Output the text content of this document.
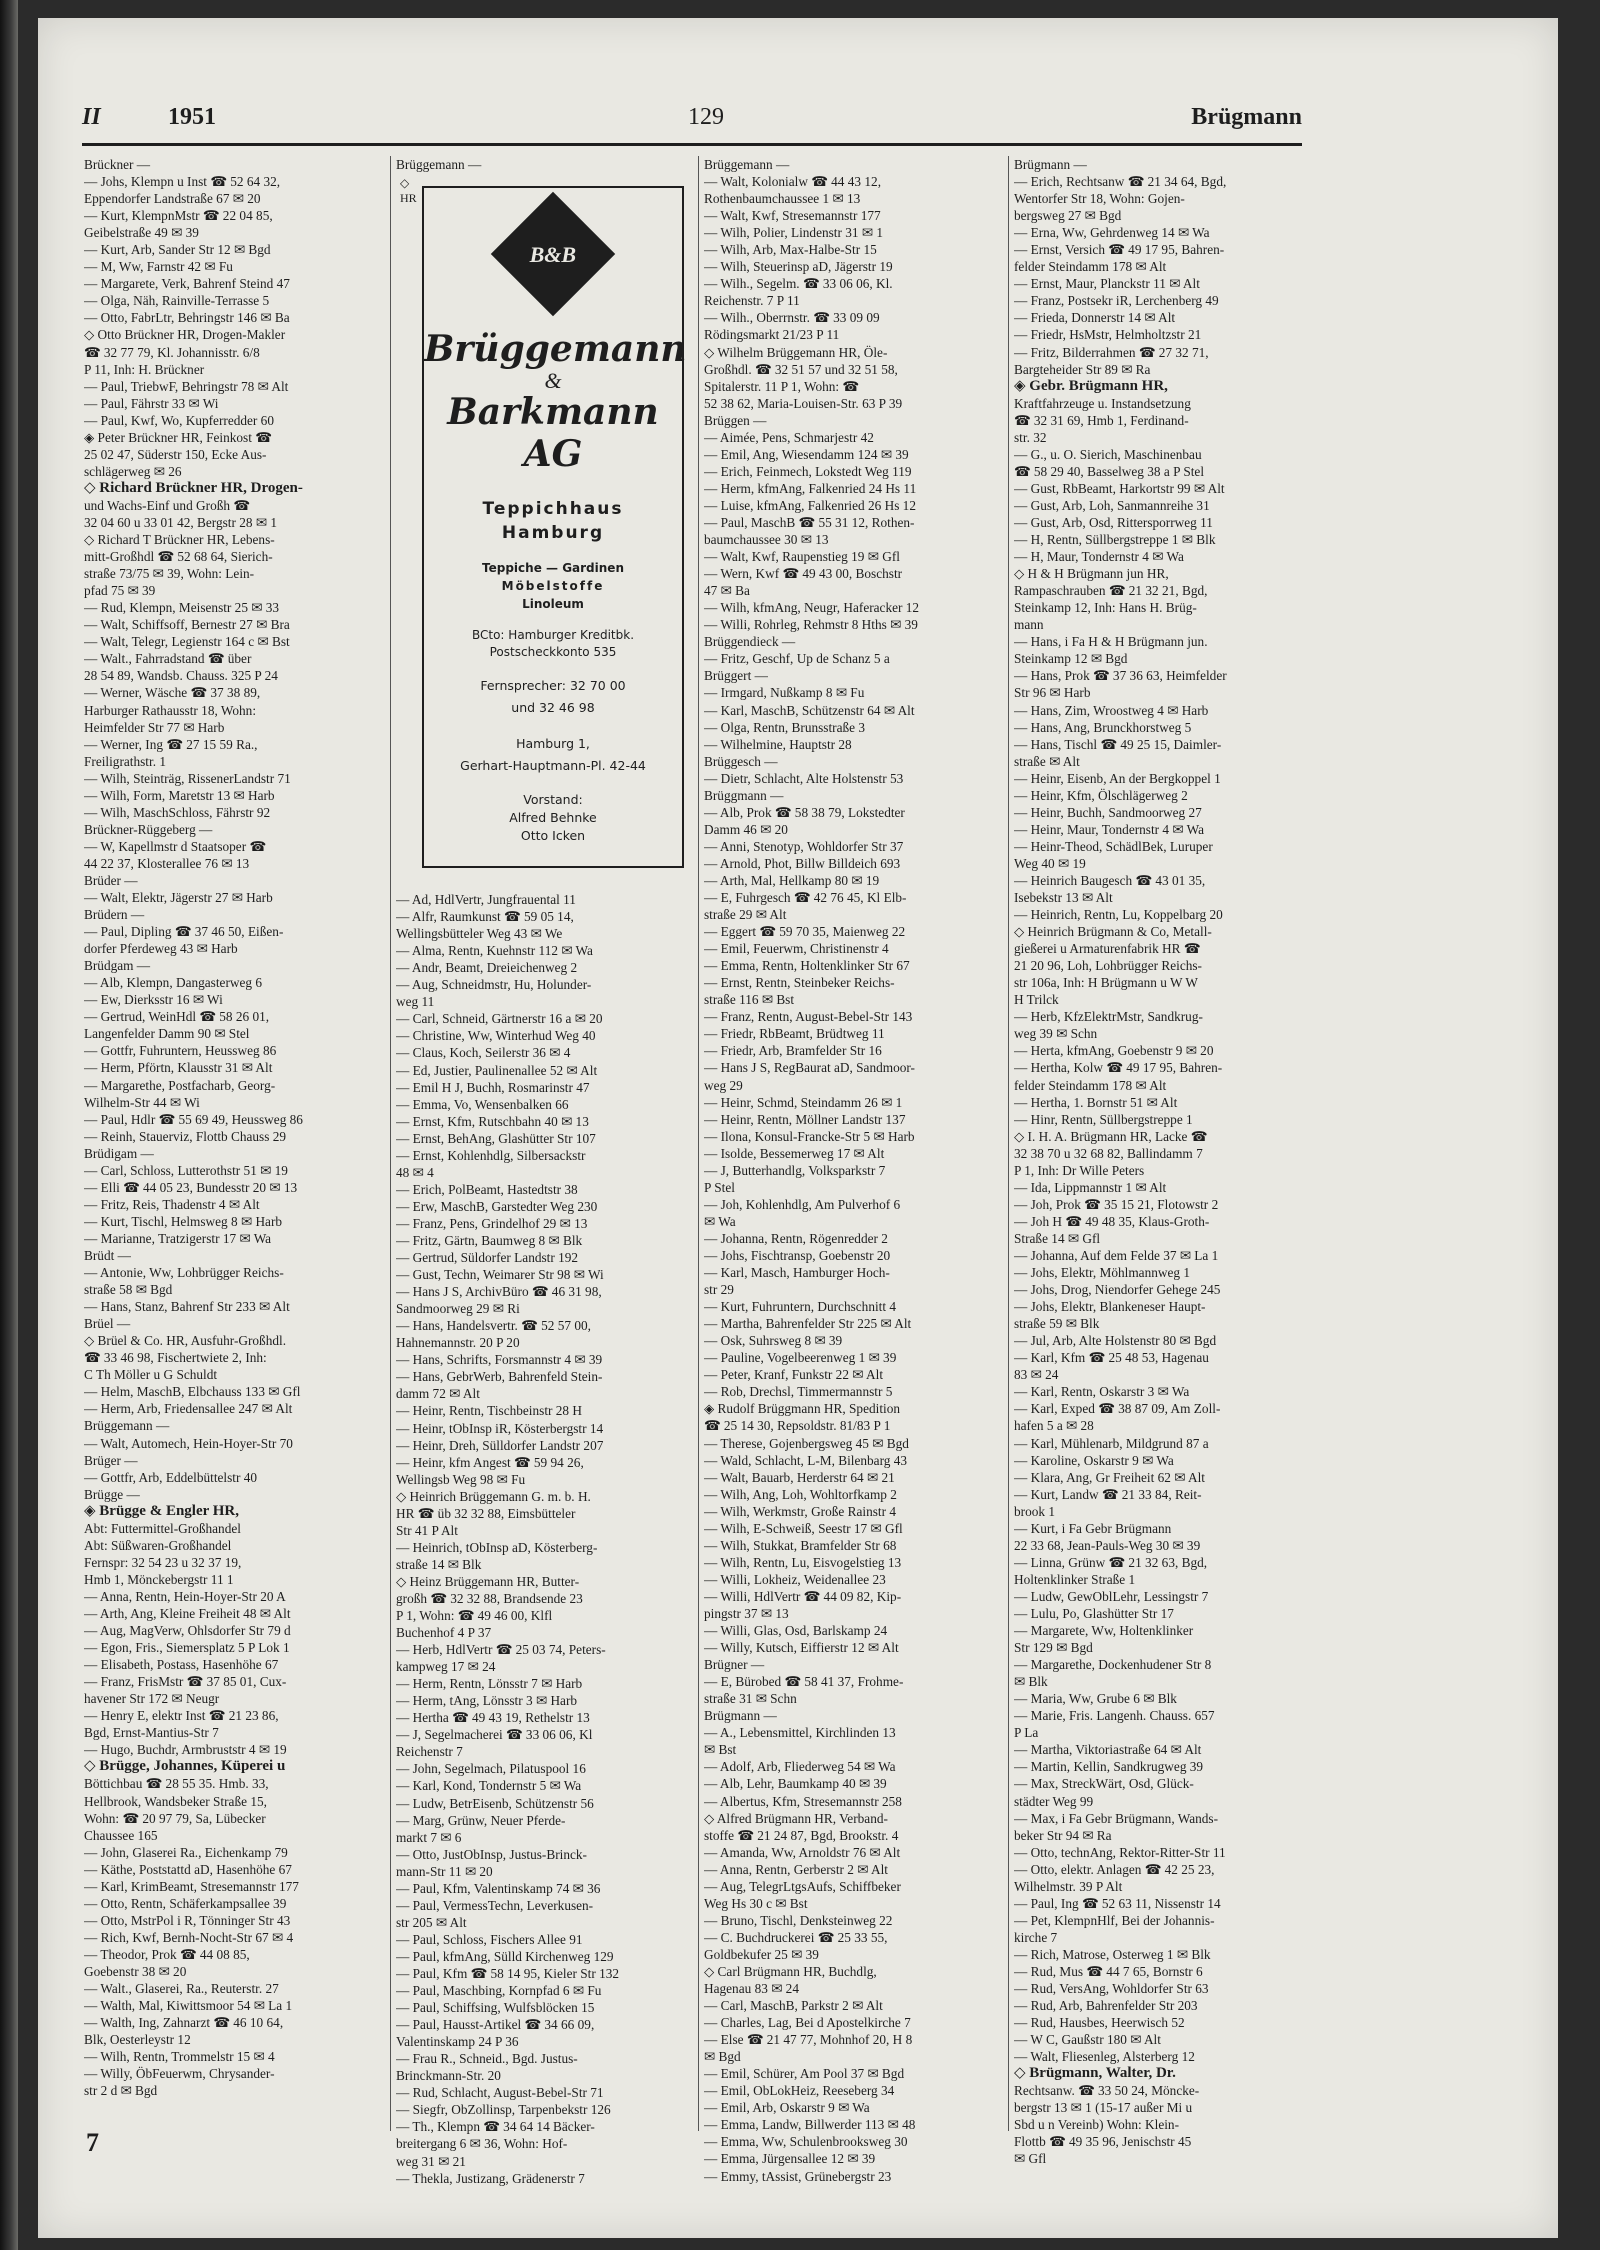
II	1951	129	Brügmann
Brückner —
— Johs, Klempn u Inst ☎ 52 64 32,
Eppendorfer Landstraße 67 ✉ 20
— Kurt, KlempnMstr ☎ 22 04 85,
Geibelstraße 49 ✉ 39
— Kurt, Arb, Sander Str 12 ✉ Bgd
— M, Ww, Farnstr 42 ✉ Fu
— Margarete, Verk, Bahrenf Steind 47
— Olga, Näh, Rainville-Terrasse 5
— Otto, FabrLtr, Behringstr 146 ✉ Ba
◇ Otto Brückner HR, Drogen-Makler
☎ 32 77 79, Kl. Johannisstr. 6/8
P 11, Inh: H. Brückner
— Paul, TriebwF, Behringstr 78 ✉ Alt
— Paul, Fährstr 33 ✉ Wi
— Paul, Kwf, Wo, Kupferredder 60
◈ Peter Brückner HR, Feinkost ☎
25 02 47, Süderstr 150, Ecke Aus-
schlägerweg ✉ 26
◇ Richard Brückner HR, Drogen-
und Wachs-Einf und Großh ☎
32 04 60 u 33 01 42, Bergstr 28 ✉ 1
◇ Richard T Brückner HR, Lebens-
mitt-Großhdl ☎ 52 68 64, Sierich-
straße 73/75 ✉ 39, Wohn: Lein-
pfad 75 ✉ 39
— Rud, Klempn, Meisenstr 25 ✉ 33
— Walt, Schiffsoff, Bernestr 27 ✉ Bra
— Walt, Telegr, Legienstr 164 c ✉ Bst
— Walt., Fahrradstand ☎ über
28 54 89, Wandsb. Chauss. 325 P 24
— Werner, Wäsche ☎ 37 38 89,
Harburger Rathausstr 18, Wohn:
Heimfelder Str 77 ✉ Harb
— Werner, Ing ☎ 27 15 59 Ra.,
Freiligrathstr. 1
— Wilh, Steinträg, RissenerLandstr 71
— Wilh, Form, Maretstr 13 ✉ Harb
— Wilh, MaschSchloss, Fährstr 92
Brückner-Rüggeberg —
— W, Kapellmstr d Staatsoper ☎
44 22 37, Klosterallee 76 ✉ 13
Brüder —
— Walt, Elektr, Jägerstr 27 ✉ Harb
Brüdern —
— Paul, Dipling ☎ 37 46 50, Eißen-
dorfer Pferdeweg 43 ✉ Harb
Brüdgam —
— Alb, Klempn, Dangasterweg 6
— Ew, Dierksstr 16 ✉ Wi
— Gertrud, WeinHdl ☎ 58 26 01,
Langenfelder Damm 90 ✉ Stel
— Gottfr, Fuhruntern, Heussweg 86
— Herm, Pförtn, Klausstr 31 ✉ Alt
— Margarethe, Postfacharb, Georg-
Wilhelm-Str 44 ✉ Wi
— Paul, Hdlr ☎ 55 69 49, Heussweg 86
— Reinh, Stauerviz, Flottb Chauss 29
Brüdigam —
— Carl, Schloss, Lutterothstr 51 ✉ 19
— Elli ☎ 44 05 23, Bundesstr 20 ✉ 13
— Fritz, Reis, Thadenstr 4 ✉ Alt
— Kurt, Tischl, Helmsweg 8 ✉ Harb
— Marianne, Tratzigerstr 17 ✉ Wa
Brüdt —
— Antonie, Ww, Lohbrügger Reichs-
straße 58 ✉ Bgd
— Hans, Stanz, Bahrenf Str 233 ✉ Alt
Brüel —
◇ Brüel & Co. HR, Ausfuhr-Großhdl.
☎ 33 46 98, Fischertwiete 2, Inh:
C Th Möller u G Schuldt
— Helm, MaschB, Elbchauss 133 ✉ Gfl
— Herm, Arb, Friedensallee 247 ✉ Alt
Brüggemann —
— Walt, Automech, Hein-Hoyer-Str 70
Brüger —
— Gottfr, Arb, Eddelbüttelstr 40
Brügge —
◈ Brügge & Engler HR,
Abt: Futtermittel-Großhandel
Abt: Süßwaren-Großhandel
Fernspr: 32 54 23 u 32 37 19,
Hmb 1, Mönckebergstr 11 1
— Anna, Rentn, Hein-Hoyer-Str 20 A
— Arth, Ang, Kleine Freiheit 48 ✉ Alt
— Aug, MagVerw, Ohlsdorfer Str 79 d
— Egon, Fris., Siemersplatz 5 P Lok 1
— Elisabeth, Postass, Hasenhöhe 67
— Franz, FrisMstr ☎ 37 85 01, Cux-
havener Str 172 ✉ Neugr
— Henry E, elektr Inst ☎ 21 23 86,
Bgd, Ernst-Mantius-Str 7
— Hugo, Buchdr, Armbruststr 4 ✉ 19
◇ Brügge, Johannes, Küperei u
Böttichbau ☎ 28 55 35. Hmb. 33,
Hellbrook, Wandsbeker Straße 15,
Wohn: ☎ 20 97 79, Sa, Lübecker
Chaussee 165
— John, Glaserei Ra., Eichenkamp 79
— Käthe, Poststattd aD, Hasenhöhe 67
— Karl, KrimBeamt, Stresemannstr 177
— Otto, Rentn, Schäferkampsallee 39
— Otto, MstrPol i R, Tönninger Str 43
— Rich, Kwf, Bernh-Nocht-Str 67 ✉ 4
— Theodor, Prok ☎ 44 08 85,
Goebenstr 38 ✉ 20
— Walt., Glaserei, Ra., Reuterstr. 27
— Walth, Mal, Kiwittsmoor 54 ✉ La 1
— Walth, Ing, Zahnarzt ☎ 46 10 64,
Blk, Oesterleystr 12
— Wilh, Rentn, Trommelstr 15 ✉ 4
— Willy, ÖbFeuerwm, Chrysander-
str 2 d ✉ Bgd
Brüggemann —
— Ad, HdlVertr, Jungfrauental 11
— Alfr, Raumkunst ☎ 59 05 14,
Wellingsbütteler Weg 43 ✉ We
— Alma, Rentn, Kuehnstr 112 ✉ Wa
— Andr, Beamt, Dreieichenweg 2
— Aug, Schneidmstr, Hu, Holunder-
weg 11
— Carl, Schneid, Gärtnerstr 16 a ✉ 20
— Christine, Ww, Winterhud Weg 40
— Claus, Koch, Seilerstr 36 ✉ 4
— Ed, Justier, Paulinenallee 52 ✉ Alt
— Emil H J, Buchh, Rosmarinstr 47
— Emma, Vo, Wensenbalken 66
— Ernst, Kfm, Rutschbahn 40 ✉ 13
— Ernst, BehAng, Glashütter Str 107
— Ernst, Kohlenhdlg, Silbersackstr
48 ✉ 4
— Erich, PolBeamt, Hastedtstr 38
— Erw, MaschB, Garstedter Weg 230
— Franz, Pens, Grindelhof 29 ✉ 13
— Fritz, Gärtn, Baumweg 8 ✉ Blk
— Gertrud, Süldorfer Landstr 192
— Gust, Techn, Weimarer Str 98 ✉ Wi
— Hans J S, ArchivBüro ☎ 46 31 98,
Sandmoorweg 29 ✉ Ri
— Hans, Handelsvertr. ☎ 52 57 00,
Hahnemannstr. 20 P 20
— Hans, Schrifts, Forsmannstr 4 ✉ 39
— Hans, GebrWerb, Bahrenfeld Stein-
damm 72 ✉ Alt
— Heinr, Rentn, Tischbeinstr 28 H
— Heinr, tObInsp iR, Kösterbergstr 14
— Heinr, Dreh, Sülldorfer Landstr 207
— Heinr, kfm Angest ☎ 59 94 26,
Wellingsb Weg 98 ✉ Fu
◇ Heinrich Brüggemann G. m. b. H.
HR ☎ üb 32 32 88, Eimsbütteler
Str 41 P Alt
— Heinrich, tObInsp aD, Kösterberg-
straße 14 ✉ Blk
◇ Heinz Brüggemann HR, Butter-
großh ☎ 32 32 88, Brandsende 23
P 1, Wohn: ☎ 49 46 00, Klfl
Buchenhof 4 P 37
— Herb, HdlVertr ☎ 25 03 74, Peters-
kampweg 17 ✉ 24
— Herm, Rentn, Lönsstr 7 ✉ Harb
— Herm, tAng, Lönsstr 3 ✉ Harb
— Hertha ☎ 49 43 19, Rethelstr 13
— J, Segelmacherei ☎ 33 06 06, Kl
Reichenstr 7
— John, Segelmach, Pilatuspool 16
— Karl, Kond, Tondernstr 5 ✉ Wa
— Ludw, BetrEisenb, Schützenstr 56
— Marg, Grünw, Neuer Pferde-
markt 7 ✉ 6
— Otto, JustObInsp, Justus-Brinck-
mann-Str 11 ✉ 20
— Paul, Kfm, Valentinskamp 74 ✉ 36
— Paul, VermessTechn, Leverkusen-
str 205 ✉ Alt
— Paul, Schloss, Fischers Allee 91
— Paul, kfmAng, Sülld Kirchenweg 129
— Paul, Kfm ☎ 58 14 95, Kieler Str 132
— Paul, Maschbing, Kornpfad 6 ✉ Fu
— Paul, Schiffsing, Wulfsblöcken 15
— Paul, Hausst-Artikel ☎ 34 66 09,
Valentinskamp 24 P 36
— Frau R., Schneid., Bgd. Justus-
Brinckmann-Str. 20
— Rud, Schlacht, August-Bebel-Str 71
— Siegfr, ObZollinsp, Tarpenbekstr 126
— Th., Klempn ☎ 34 64 14 Bäcker-
breitergang 6 ✉ 36, Wohn: Hof-
weg 31 ✉ 21
— Thekla, Justizang, Grädenerstr 7
Brüggemann —
— Walt, Kolonialw ☎ 44 43 12,
Rothenbaumchaussee 1 ✉ 13
— Walt, Kwf, Stresemannstr 177
— Wilh, Polier, Lindenstr 31 ✉ 1
— Wilh, Arb, Max-Halbe-Str 15
— Wilh, Steuerinsp aD, Jägerstr 19
— Wilh., Segelm. ☎ 33 06 06, Kl.
Reichenstr. 7 P 11
— Wilh., Oberrnstr. ☎ 33 09 09
Rödingsmarkt 21/23 P 11
◇ Wilhelm Brüggemann HR, Öle-
Großhdl. ☎ 32 51 57 und 32 51 58,
Spitalerstr. 11 P 1, Wohn: ☎
52 38 62, Maria-Louisen-Str. 63 P 39
Brüggen —
— Aimée, Pens, Schmarjestr 42
— Emil, Ang, Wiesendamm 124 ✉ 39
— Erich, Feinmech, Lokstedt Weg 119
— Herm, kfmAng, Falkenried 24 Hs 11
— Luise, kfmAng, Falkenried 26 Hs 12
— Paul, MaschB ☎ 55 31 12, Rothen-
baumchaussee 30 ✉ 13
— Walt, Kwf, Raupenstieg 19 ✉ Gfl
— Wern, Kwf ☎ 49 43 00, Boschstr
47 ✉ Ba
— Wilh, kfmAng, Neugr, Haferacker 12
— Willi, Rohrleg, Rehmstr 8 Hths ✉ 39
Brüggendieck —
— Fritz, Geschf, Up de Schanz 5 a
Brüggert —
— Irmgard, Nußkamp 8 ✉ Fu
— Karl, MaschB, Schützenstr 64 ✉ Alt
— Olga, Rentn, Brunsstraße 3
— Wilhelmine, Hauptstr 28
Brüggesch —
— Dietr, Schlacht, Alte Holstenstr 53
Brüggmann —
— Alb, Prok ☎ 58 38 79, Lokstedter
Damm 46 ✉ 20
— Anni, Stenotyp, Wohldorfer Str 37
— Arnold, Phot, Billw Billdeich 693
— Arth, Mal, Hellkamp 80 ✉ 19
— E, Fuhrgesch ☎ 42 76 45, Kl Elb-
straße 29 ✉ Alt
— Eggert ☎ 59 70 35, Maienweg 22
— Emil, Feuerwm, Christinenstr 4
— Emma, Rentn, Holtenklinker Str 67
— Ernst, Rentn, Steinbeker Reichs-
straße 116 ✉ Bst
— Franz, Rentn, August-Bebel-Str 143
— Friedr, RbBeamt, Brüdtweg 11
— Friedr, Arb, Bramfelder Str 16
— Hans J S, RegBaurat aD, Sandmoor-
weg 29
— Heinr, Schmd, Steindamm 26 ✉ 1
— Heinr, Rentn, Möllner Landstr 137
— Ilona, Konsul-Francke-Str 5 ✉ Harb
— Isolde, Bessemerweg 17 ✉ Alt
— J, Butterhandlg, Volksparkstr 7
P Stel
— Joh, Kohlenhdlg, Am Pulverhof 6
✉ Wa
— Johanna, Rentn, Rögenredder 2
— Johs, Fischtransp, Goebenstr 20
— Karl, Masch, Hamburger Hoch-
str 29
— Kurt, Fuhruntern, Durchschnitt 4
— Martha, Bahrenfelder Str 225 ✉ Alt
— Osk, Suhrsweg 8 ✉ 39
— Pauline, Vogelbeerenweg 1 ✉ 39
— Peter, Kranf, Funkstr 22 ✉ Alt
— Rob, Drechsl, Timmermannstr 5
◈ Rudolf Brüggmann HR, Spedition
☎ 25 14 30, Repsoldstr. 81/83 P 1
— Therese, Gojenbergsweg 45 ✉ Bgd
— Wald, Schlacht, L-M, Bilenbarg 43
— Walt, Bauarb, Herderstr 64 ✉ 21
— Wilh, Ang, Loh, Wohltorfkamp 2
— Wilh, Werkmstr, Große Rainstr 4
— Wilh, E-Schweiß, Seestr 17 ✉ Gfl
— Wilh, Stukkat, Bramfelder Str 68
— Wilh, Rentn, Lu, Eisvogelstieg 13
— Willi, Lokheiz, Weidenallee 23
— Willi, HdlVertr ☎ 44 09 82, Kip-
pingstr 37 ✉ 13
— Willi, Glas, Osd, Barlskamp 24
— Willy, Kutsch, Eiffierstr 12 ✉ Alt
Brügner —
— E, Bürobed ☎ 58 41 37, Frohme-
straße 31 ✉ Schn
Brügmann —
— A., Lebensmittel, Kirchlinden 13
✉ Bst
— Adolf, Arb, Fliederweg 54 ✉ Wa
— Alb, Lehr, Baumkamp 40 ✉ 39
— Albertus, Kfm, Stresemannstr 258
◇ Alfred Brügmann HR, Verband-
stoffe ☎ 21 24 87, Bgd, Brookstr. 4
— Amanda, Ww, Arnoldstr 76 ✉ Alt
— Anna, Rentn, Gerberstr 2 ✉ Alt
— Aug, TelegrLtgsAufs, Schiffbeker
Weg Hs 30 c ✉ Bst
— Bruno, Tischl, Denksteinweg 22
— C. Buchdruckerei ☎ 25 33 55,
Goldbekufer 25 ✉ 39
◇ Carl Brügmann HR, Buchdlg,
Hagenau 83 ✉ 24
— Carl, MaschB, Parkstr 2 ✉ Alt
— Charles, Lag, Bei d Apostelkirche 7
— Else ☎ 21 47 77, Mohnhof 20, H 8
✉ Bgd
— Emil, Schürer, Am Pool 37 ✉ Bgd
— Emil, ObLokHeiz, Reeseberg 34
— Emil, Arb, Oskarstr 9 ✉ Wa
— Emma, Landw, Billwerder 113 ✉ 48
— Emma, Ww, Schulenbrooksweg 30
— Emma, Jürgensallee 12 ✉ 39
— Emmy, tAssist, Grünebergstr 23
Brügmann —
— Erich, Rechtsanw ☎ 21 34 64, Bgd,
Wentorfer Str 18, Wohn: Gojen-
bergsweg 27 ✉ Bgd
— Erna, Ww, Gehrdenweg 14 ✉ Wa
— Ernst, Versich ☎ 49 17 95, Bahren-
felder Steindamm 178 ✉ Alt
— Ernst, Maur, Planckstr 11 ✉ Alt
— Franz, Postsekr iR, Lerchenberg 49
— Frieda, Donnerstr 14 ✉ Alt
— Friedr, HsMstr, Helmholtzstr 21
— Fritz, Bilderrahmen ☎ 27 32 71,
Bargteheider Str 89 ✉ Ra
◈ Gebr. Brügmann HR,
Kraftfahrzeuge u. Instandsetzung
☎ 32 31 69, Hmb 1, Ferdinand-
str. 32
— G., u. O. Sierich, Maschinenbau
☎ 58 29 40, Basselweg 38 a P Stel
— Gust, RbBeamt, Harkortstr 99 ✉ Alt
— Gust, Arb, Loh, Sanmannreihe 31
— Gust, Arb, Osd, Rittersporrweg 11
— H, Rentn, Süllbergstreppe 1 ✉ Blk
— H, Maur, Tondernstr 4 ✉ Wa
◇ H & H Brügmann jun HR,
Rampaschrauben ☎ 21 32 21, Bgd,
Steinkamp 12, Inh: Hans H. Brüg-
mann
— Hans, i Fa H & H Brügmann jun.
Steinkamp 12 ✉ Bgd
— Hans, Prok ☎ 37 36 63, Heimfelder
Str 96 ✉ Harb
— Hans, Zim, Wroostweg 4 ✉ Harb
— Hans, Ang, Brunckhorstweg 5
— Hans, Tischl ☎ 49 25 15, Daimler-
straße ✉ Alt
— Heinr, Eisenb, An der Bergkoppel 1
— Heinr, Kfm, Ölschlägerweg 2
— Heinr, Buchh, Sandmoorweg 27
— Heinr, Maur, Tondernstr 4 ✉ Wa
— Heinr-Theod, SchädlBek, Luruper
Weg 40 ✉ 19
— Heinrich Baugesch ☎ 43 01 35,
Isebekstr 13 ✉ Alt
— Heinrich, Rentn, Lu, Koppelbarg 20
◇ Heinrich Brügmann & Co, Metall-
gießerei u Armaturenfabrik HR ☎
21 20 96, Loh, Lohbrügger Reichs-
str 106a, Inh: H Brügmann u W W
H Trilck
— Herb, KfzElektrMstr, Sandkrug-
weg 39 ✉ Schn
— Herta, kfmAng, Goebenstr 9 ✉ 20
— Hertha, Kolw ☎ 49 17 95, Bahren-
felder Steindamm 178 ✉ Alt
— Hertha, 1. Bornstr 51 ✉ Alt
— Hinr, Rentn, Süllbergstreppe 1
◇ I. H. A. Brügmann HR, Lacke ☎
32 38 70 u 32 68 82, Ballindamm 7
P 1, Inh: Dr Wille Peters
— Ida, Lippmannstr 1 ✉ Alt
— Joh, Prok ☎ 35 15 21, Flotowstr 2
— Joh H ☎ 49 48 35, Klaus-Groth-
Straße 14 ✉ Gfl
— Johanna, Auf dem Felde 37 ✉ La 1
— Johs, Elektr, Möhlmannweg 1
— Johs, Drog, Niendorfer Gehege 245
— Johs, Elektr, Blankeneser Haupt-
straße 59 ✉ Blk
— Jul, Arb, Alte Holstenstr 80 ✉ Bgd
— Karl, Kfm ☎ 25 48 53, Hagenau
83 ✉ 24
— Karl, Rentn, Oskarstr 3 ✉ Wa
— Karl, Exped ☎ 38 87 09, Am Zoll-
hafen 5 a ✉ 28
— Karl, Mühlenarb, Mildgrund 87 a
— Karoline, Oskarstr 9 ✉ Wa
— Klara, Ang, Gr Freiheit 62 ✉ Alt
— Kurt, Landw ☎ 21 33 84, Reit-
brook 1
— Kurt, i Fa Gebr Brügmann
22 33 68, Jean-Pauls-Weg 30 ✉ 39
— Linna, Grünw ☎ 21 32 63, Bgd,
Holtenklinker Straße 1
— Ludw, GewOblLehr, Lessingstr 7
— Lulu, Po, Glashütter Str 17
— Margarete, Ww, Holtenklinker
Str 129 ✉ Bgd
— Margarethe, Dockenhudener Str 8
✉ Blk
— Maria, Ww, Grube 6 ✉ Blk
— Marie, Fris. Langenh. Chauss. 657
P La
— Martha, Viktoriastraße 64 ✉ Alt
— Martin, Kellin, Sandkrugweg 39
— Max, StreckWärt, Osd, Glück-
städter Weg 99
— Max, i Fa Gebr Brügmann, Wands-
beker Str 94 ✉ Ra
— Otto, technAng, Rektor-Ritter-Str 11
— Otto, elektr. Anlagen ☎ 42 25 23,
Wilhelmstr. 39 P Alt
— Paul, Ing ☎ 52 63 11, Nissenstr 14
— Pet, KlempnHlf, Bei der Johannis-
kirche 7
— Rich, Matrose, Osterweg 1 ✉ Blk
— Rud, Mus ☎ 44 7 65, Bornstr 6
— Rud, VersAng, Wohldorfer Str 63
— Rud, Arb, Bahrenfelder Str 203
— Rud, Hausbes, Heerwisch 52
— W C, Gaußstr 180 ✉ Alt
— Walt, Fliesenleg, Alsterberg 12
◇ Brügmann, Walter, Dr.
Rechtsanw. ☎ 33 50 24, Möncke-
bergstr 13 ✉ 1 (15-17 außer Mi u
Sbd u n Vereinb) Wohn: Klein-
Flottb ☎ 49 35 96, Jenischstr 45
✉ Gfl
◇
HR
B&B
Brüggemann
&
Barkmann AG
Teppichhaus
Hamburg
Teppiche — Gardinen
Möbelstoffe
Linoleum
BCto: Hamburger Kreditbk.
Postscheckkonto 535
Fernsprecher: 32 70 00
und 32 46 98
Hamburg 1,
Gerhart-Hauptmann-Pl. 42-44
Vorstand:
Alfred Behnke
Otto Icken
7
